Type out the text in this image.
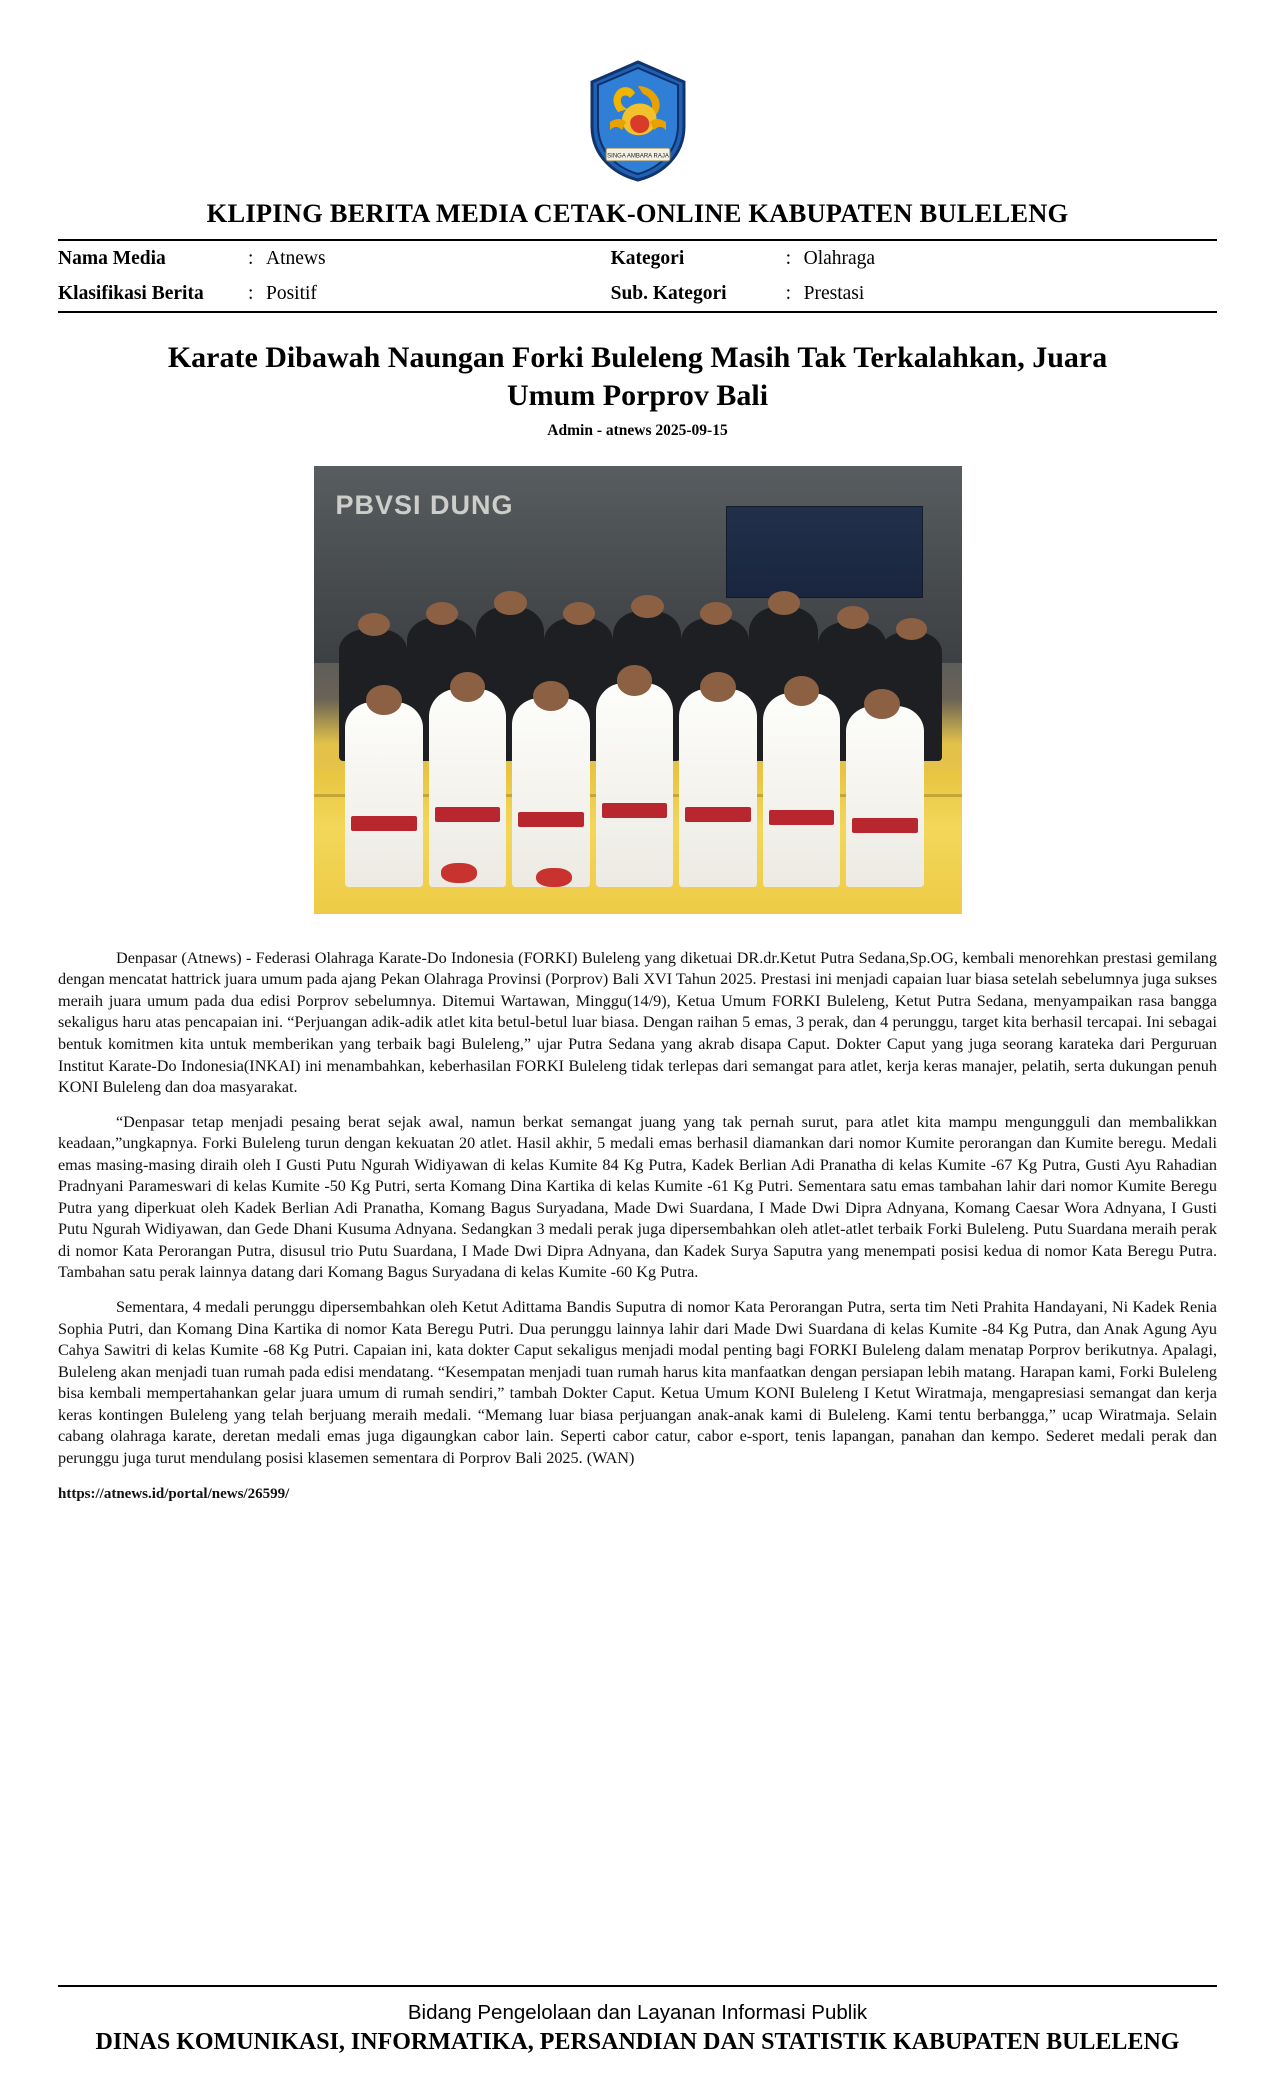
SINGA AMBARA RAJA
KLIPING BERITA MEDIA CETAK-ONLINE KABUPATEN BULELENG
Nama Media	:	Atnews	Kategori	:	Olahraga
Klasifikasi Berita	:	Positif	Sub. Kategori	:	Prestasi
Karate Dibawah Naungan Forki Buleleng Masih Tak Terkalahkan, Juara Umum Porprov Bali
Admin - atnews 2025-09-15
PBVSI DUNG

Denpasar (Atnews) - Federasi Olahraga Karate-Do Indonesia (FORKI) Buleleng yang diketuai DR.dr.Ketut Putra Sedana,Sp.OG, kembali menorehkan prestasi gemilang dengan mencatat hattrick juara umum pada ajang Pekan Olahraga Provinsi (Porprov) Bali XVI Tahun 2025. Prestasi ini menjadi capaian luar biasa setelah sebelumnya juga sukses meraih juara umum pada dua edisi Porprov sebelumnya. Ditemui Wartawan, Minggu(14/9), Ketua Umum FORKI Buleleng, Ketut Putra Sedana, menyampaikan rasa bangga sekaligus haru atas pencapaian ini. “Perjuangan adik-adik atlet kita betul-betul luar biasa. Dengan raihan 5 emas, 3 perak, dan 4 perunggu, target kita berhasil tercapai. Ini sebagai bentuk komitmen kita untuk memberikan yang terbaik bagi Buleleng,” ujar Putra Sedana yang akrab disapa Caput. Dokter Caput yang juga seorang karateka dari Perguruan Institut Karate-Do Indonesia(INKAI) ini menambahkan, keberhasilan FORKI Buleleng tidak terlepas dari semangat para atlet, kerja keras manajer, pelatih, serta dukungan penuh KONI Buleleng dan doa masyarakat.

“Denpasar tetap menjadi pesaing berat sejak awal, namun berkat semangat juang yang tak pernah surut, para atlet kita mampu mengungguli dan membalikkan keadaan,”ungkapnya. Forki Buleleng turun dengan kekuatan 20 atlet. Hasil akhir, 5 medali emas berhasil diamankan dari nomor Kumite perorangan dan Kumite beregu. Medali emas masing-masing diraih oleh I Gusti Putu Ngurah Widiyawan di kelas Kumite 84 Kg Putra, Kadek Berlian Adi Pranatha di kelas Kumite -67 Kg Putra, Gusti Ayu Rahadian Pradnyani Parameswari di kelas Kumite -50 Kg Putri, serta Komang Dina Kartika di kelas Kumite -61 Kg Putri. Sementara satu emas tambahan lahir dari nomor Kumite Beregu Putra yang diperkuat oleh Kadek Berlian Adi Pranatha, Komang Bagus Suryadana, Made Dwi Suardana, I Made Dwi Dipra Adnyana, Komang Caesar Wora Adnyana, I Gusti Putu Ngurah Widiyawan, dan Gede Dhani Kusuma Adnyana. Sedangkan 3 medali perak juga dipersembahkan oleh atlet-atlet terbaik Forki Buleleng. Putu Suardana meraih perak di nomor Kata Perorangan Putra, disusul trio Putu Suardana, I Made Dwi Dipra Adnyana, dan Kadek Surya Saputra yang menempati posisi kedua di nomor Kata Beregu Putra. Tambahan satu perak lainnya datang dari Komang Bagus Suryadana di kelas Kumite -60 Kg Putra.

Sementara, 4 medali perunggu dipersembahkan oleh Ketut Adittama Bandis Suputra di nomor Kata Perorangan Putra, serta tim Neti Prahita Handayani, Ni Kadek Renia Sophia Putri, dan Komang Dina Kartika di nomor Kata Beregu Putri. Dua perunggu lainnya lahir dari Made Dwi Suardana di kelas Kumite -84 Kg Putra, dan Anak Agung Ayu Cahya Sawitri di kelas Kumite -68 Kg Putri. Capaian ini, kata dokter Caput sekaligus menjadi modal penting bagi FORKI Buleleng dalam menatap Porprov berikutnya. Apalagi, Buleleng akan menjadi tuan rumah pada edisi mendatang. “Kesempatan menjadi tuan rumah harus kita manfaatkan dengan persiapan lebih matang. Harapan kami, Forki Buleleng bisa kembali mempertahankan gelar juara umum di rumah sendiri,” tambah Dokter Caput. Ketua Umum KONI Buleleng I Ketut Wiratmaja, mengapresiasi semangat dan kerja keras kontingen Buleleng yang telah berjuang meraih medali. “Memang luar biasa perjuangan anak-anak kami di Buleleng. Kami tentu berbangga,” ucap Wiratmaja. Selain cabang olahraga karate, deretan medali emas juga digaungkan cabor lain. Seperti cabor catur, cabor e-sport, tenis lapangan, panahan dan kempo. Sederet medali perak dan perunggu juga turut mendulang posisi klasemen sementara di Porprov Bali 2025. (WAN)

https://atnews.id/portal/news/26599/
Bidang Pengelolaan dan Layanan Informasi Publik
DINAS KOMUNIKASI, INFORMATIKA, PERSANDIAN DAN STATISTIK KABUPATEN BULELENG
